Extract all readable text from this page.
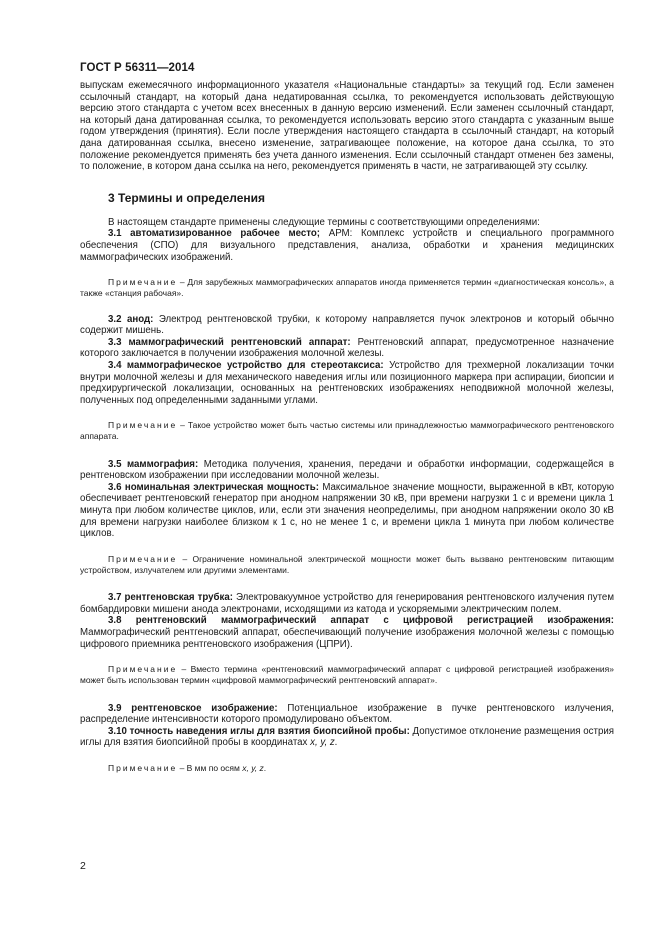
ГОСТ Р 56311—2014

выпускам ежемесячного информационного указателя «Национальные стандарты» за текущий год. Если заменен ссылочный стандарт, на который дана недатированная ссылка, то рекомендуется использовать действующую версию этого стандарта с учетом всех внесенных в данную версию изменений. Если заменен ссылочный стандарт, на который дана датированная ссылка, то рекомендуется использовать версию этого стандарта с указанным выше годом утверждения (принятия). Если после утверждения настоящего стандарта в ссылочный стандарт, на который дана датированная ссылка, внесено изменение, затрагивающее положение, на которое дана ссылка, то это положение рекомендуется применять без учета данного изменения. Если ссылочный стандарт отменен без замены, то положение, в котором дана ссылка на него, рекомендуется применять в части, не затрагивающей эту ссылку.

3 Термины и определения

В настоящем стандарте применены следующие термины с соответствующими определениями:

3.1 автоматизированное рабочее место; АРМ: Комплекс устройств и специального программного обеспечения (СПО) для визуального представления, анализа, обработки и хранения медицинских маммографических изображений.

Примечание – Для зарубежных маммографических аппаратов иногда применяется термин «диагностическая консоль», а также «станция рабочая».

3.2 анод: Электрод рентгеновской трубки, к которому направляется пучок электронов и который обычно содержит мишень.

3.3 маммографический рентгеновский аппарат: Рентгеновский аппарат, предусмотренное назначение которого заключается в получении изображения молочной железы.

3.4 маммографическое устройство для стереотаксиса: Устройство для трехмерной локализации точки внутри молочной железы и для механического наведения иглы или позиционного маркера при аспирации, биопсии и предхирургической локализации, основанных на рентгеновских изображениях неподвижной молочной железы, полученных под определенными заданными углами.

Примечание – Такое устройство может быть частью системы или принадлежностью маммографического рентгеновского аппарата.

3.5 маммография: Методика получения, хранения, передачи и обработки информации, содержащейся в рентгеновском изображении при исследовании молочной железы.

3.6 номинальная электрическая мощность: Максимальное значение мощности, выраженной в кВт, которую обеспечивает рентгеновский генератор при анодном напряжении 30 кВ, при времени нагрузки 1 с и времени цикла 1 минута при любом количестве циклов, или, если эти значения неопределимы, при анодном напряжении около 30 кВ для времени нагрузки наиболее близком к 1 с, но не менее 1 с, и времени цикла 1 минута при любом количестве циклов.

Примечание – Ограничение номинальной электрической мощности может быть вызвано рентгеновским питающим устройством, излучателем или другими элементами.

3.7 рентгеновская трубка: Электровакуумное устройство для генерирования рентгеновского излучения путем бомбардировки мишени анода электронами, исходящими из катода и ускоряемыми электрическим полем.

3.8 рентгеновский маммографический аппарат с цифровой регистрацией изображения: Маммографический рентгеновский аппарат, обеспечивающий получение изображения молочной железы с помощью цифрового приемника рентгеновского изображения (ЦПРИ).

Примечание – Вместо термина «рентгеновский маммографический аппарат с цифровой регистрацией изображения» может быть использован термин «цифровой маммографический рентгеновский аппарат».

3.9 рентгеновское изображение: Потенциальное изображение в пучке рентгеновского излучения, распределение интенсивности которого промодулировано объектом.

3.10 точность наведения иглы для взятия биопсийной пробы: Допустимое отклонение размещения острия иглы для взятия биопсийной пробы в координатах x, y, z.

Примечание – В мм по осям x, y, z.

2
